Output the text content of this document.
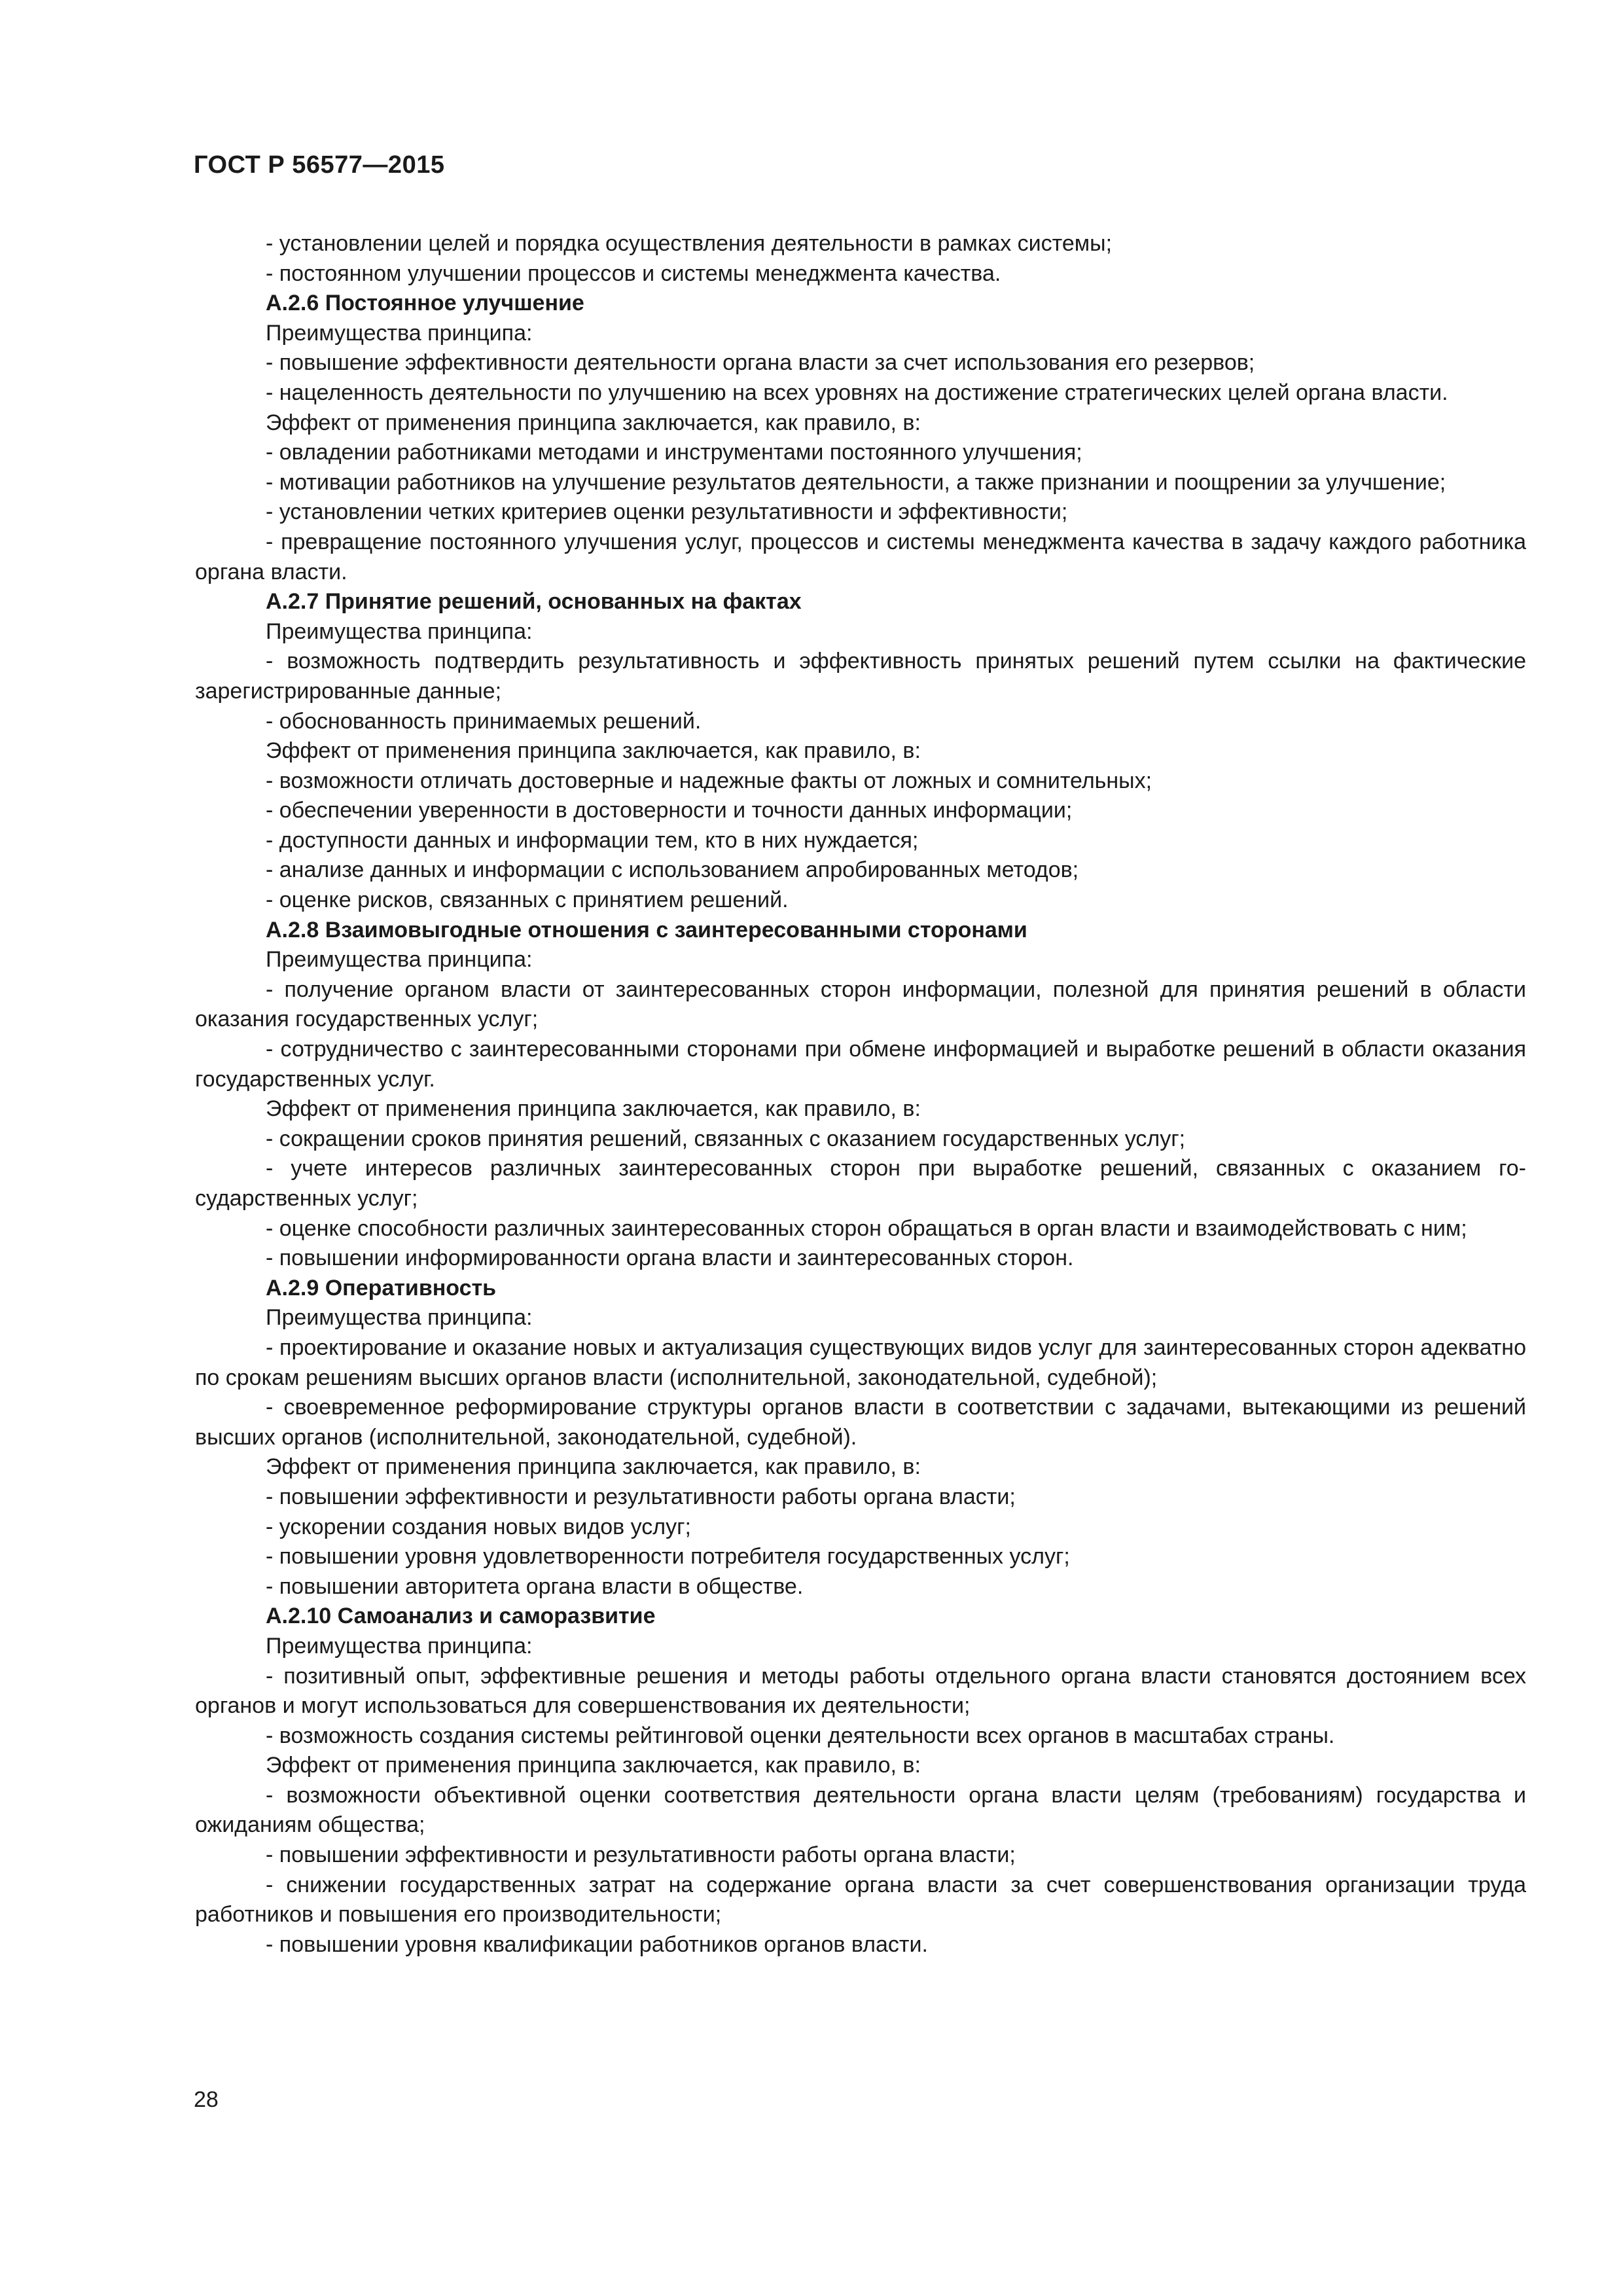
ГОСТ Р 56577—2015

- установлении целей и порядка осуществления деятельности в рамках системы;

- постоянном улучшении процессов и системы менеджмента качества.

А.2.6 Постоянное улучшение

Преимущества принципа:

- повышение эффективности деятельности органа власти за счет использования его резервов;

- нацеленность деятельности по улучшению на всех уровнях на достижение стратегических целей органа власти.

Эффект от применения принципа заключается, как правило, в:

- овладении работниками методами и инструментами постоянного улучшения;

- мотивации работников на улучшение результатов деятельности, а также признании и поощрении за улучшение;

- установлении четких критериев оценки результативности и эффективности;

- превращение постоянного улучшения услуг, процессов и системы менеджмента качества в задачу каждого работника органа власти.

А.2.7 Принятие решений, основанных на фактах

Преимущества принципа:

- возможность подтвердить результативность и эффективность принятых решений путем ссылки на фактические зарегистрированные данные;

- обоснованность принимаемых решений.

Эффект от применения принципа заключается, как правило, в:

- возможности отличать достоверные и надежные факты от ложных и сомнительных;

- обеспечении уверенности в достоверности и точности данных информации;

- доступности данных и информации тем, кто в них нуждается;

- анализе данных и информации с использованием апробированных методов;

- оценке рисков, связанных с принятием решений.

А.2.8 Взаимовыгодные отношения с заинтересованными сторонами

Преимущества принципа:

- получение органом власти от заинтересованных сторон информации, полезной для принятия решений в области оказания государственных услуг;

- сотрудничество с заинтересованными сторонами при обмене информацией и выработке решений в области оказания государственных услуг.

Эффект от применения принципа заключается, как правило, в:

- сокращении сроков принятия решений, связанных с оказанием государственных услуг;

- учете интересов различных заинтересованных сторон при выработке решений, связанных с оказанием государственных услуг;

- оценке способности различных заинтересованных сторон обращаться в орган власти и взаимодействовать с ним;

- повышении информированности органа власти и заинтересованных сторон.

А.2.9 Оперативность

Преимущества принципа:

- проектирование и оказание новых и актуализация существующих видов услуг для заинтересованных сторон адекватно по срокам решениям высших органов власти (исполнительной, законодательной, судебной);

- своевременное реформирование структуры органов власти в соответствии с задачами, вытекающими из решений высших органов (исполнительной, законодательной, судебной).

Эффект от применения принципа заключается, как правило, в:

- повышении эффективности и результативности работы органа власти;

- ускорении создания новых видов услуг;

- повышении уровня удовлетворенности потребителя государственных услуг;

- повышении авторитета органа власти в обществе.

А.2.10 Самоанализ и саморазвитие

Преимущества принципа:

- позитивный опыт, эффективные решения и методы работы отдельного органа власти становятся достоянием всех органов и могут использоваться для совершенствования их деятельности;

- возможность создания системы рейтинговой оценки деятельности всех органов в масштабах страны.

Эффект от применения принципа заключается, как правило, в:

- возможности объективной оценки соответствия деятельности органа власти целям (требованиям) государства и ожиданиям общества;

- повышении эффективности и результативности работы органа власти;

- снижении государственных затрат на содержание органа власти за счет совершенствования организации труда работников и повышения его производительности;

- повышении уровня квалификации работников органов власти.

28
